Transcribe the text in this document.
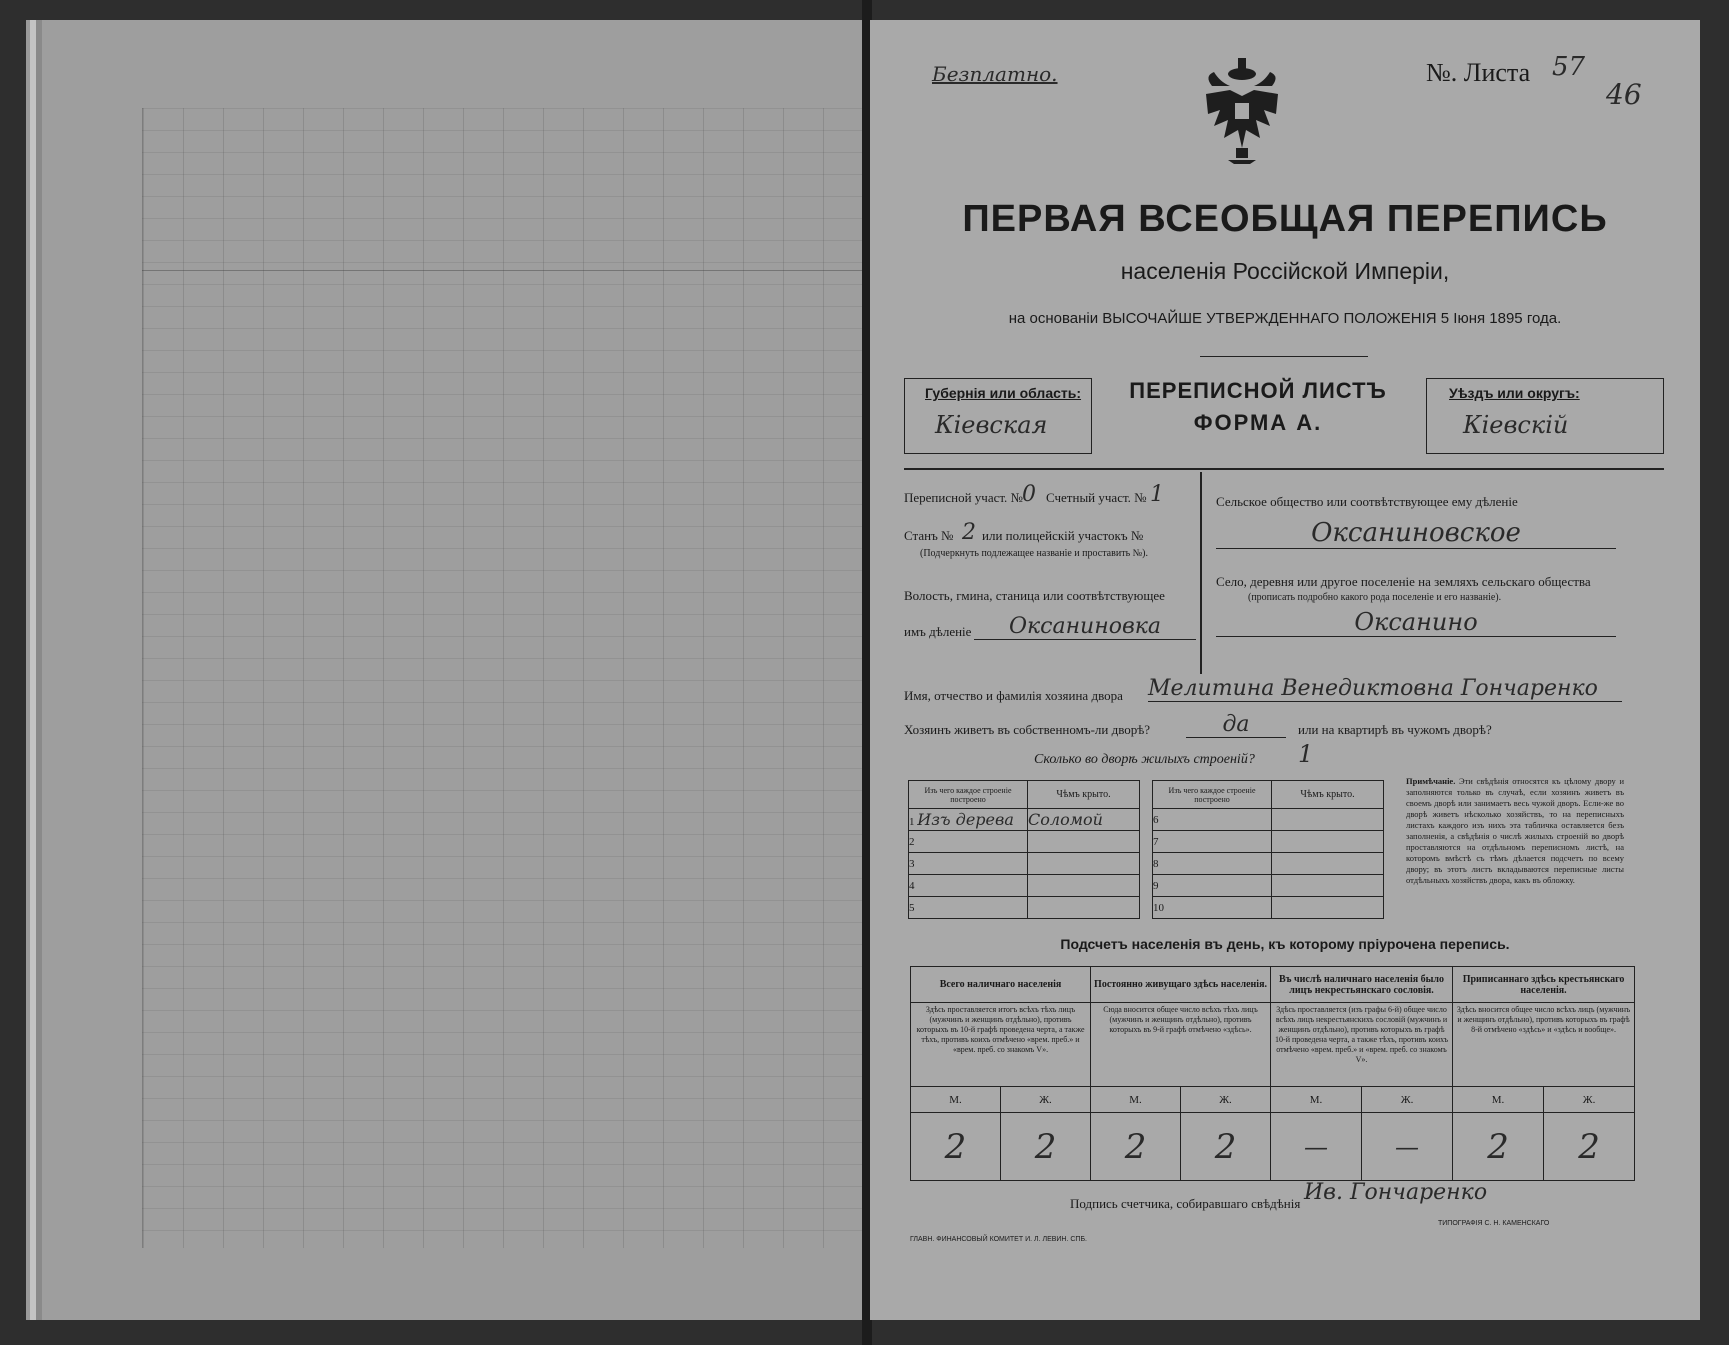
Безплатно.	№. Листа 57
46
ПЕРВАЯ ВСЕОБЩАЯ ПЕРЕПИСЬ
населенія Россійской Имперіи,
на основаніи ВЫСОЧАЙШЕ УТВЕРЖДЕННАГО ПОЛОЖЕНІЯ 5 Іюня 1895 года.
Губернія или область:
Кіевская
ПЕРЕПИСНОЙ ЛИСТЪ
ФОРМА А.
Уѣздъ или округъ:
Кіевскій
Переписной участ. № 0 Счетный участ. № 1
Станъ № 2 или полицейскій участокъ №
(Подчеркнуть подлежащее названіе и проставить №).
Волость, гмина, станица или соотвѣтствующее
имъ дѣленіе	Оксаниновка
Сельское общество или соотвѣтствующее ему дѣленіе
Оксаниновское
Село, деревня или другое поселеніе на земляхъ сельскаго общества
(прописать подробно какого рода поселеніе и его названіе).
Оксанино
Имя, отчество и фамилія хозяина двора Мелитина Венедиктовна Гончаренко
Хозяинъ живетъ въ собственномъ-ли дворѣ?	да	или на квартирѣ въ чужомъ дворѣ?
Сколько во дворѣ жилыхъ строеній? 1
Изъ чего каждое строеніе построено	Чѣмъ крыто.
1 Изъ дерева	Соломой
2	
3	
4	
5	
Изъ чего каждое строеніе построено	Чѣмъ крыто.
6	
7	
8	
9	
10	
Примѣчаніе. Эти свѣдѣнія относятся къ цѣлому двору и заполняются только въ случаѣ, если хозяинъ живетъ въ своемъ дворѣ или занимаетъ весь чужой дворъ. Если-же во дворѣ живетъ нѣсколько хозяйствъ, то на переписныхъ листахъ каждого изъ нихъ эта табличка оставляется безъ заполненія, а свѣдѣнія о числѣ жилыхъ строеній во дворѣ проставляются на отдѣльномъ переписномъ листѣ, на которомъ вмѣстѣ съ тѣмъ дѣлается подсчетъ по всему двору; въ этотъ листъ вкладываются переписные листы отдѣльныхъ хозяйствъ двора, какъ въ обложку.
Подсчетъ населенія въ день, къ которому пріурочена перепись.
Всего наличнаго населенія		Постоянно живущаго здѣсь населенія.		Въ числѣ наличнаго населенія было лицъ некрестьянскаго сословія.		Приписаннаго здѣсь крестьянскаго населенія.	
Здѣсь проставляется итогъ всѣхъ тѣхъ лицъ (мужчинъ и женщинъ отдѣльно), противъ которыхъ въ 10-й графѣ проведена черта, а также тѣхъ, противъ коихъ отмѣчено «врем. преб.» и «врем. преб. со знакомъ V».		Сюда вносится общее число всѣхъ тѣхъ лицъ (мужчинъ и женщинъ отдѣльно), противъ которыхъ въ 9-й графѣ отмѣчено «здѣсь».		Здѣсь проставляется (изъ графы 6-й) общее число всѣхъ лицъ некрестьянскихъ сословій (мужчинъ и женщинъ отдѣльно), противъ которыхъ въ графѣ 10-й проведена черта, а также тѣхъ, противъ коихъ отмѣчено «врем. преб.» и «врем. преб. со знакомъ V».		Здѣсь вносится общее число всѣхъ лицъ (мужчинъ и женщинъ отдѣльно), противъ которыхъ въ графѣ 8-й отмѣчено «здѣсь» и «здѣсь и вообще».	
М.	Ж.	М.	Ж.	М.	Ж.	М.	Ж.
2	2	2	2	—	—	2	2
Подпись счетчика, собиравшаго свѣдѣнія Ив. Гончаренко
ГЛАВН. ФИНАНСОВЫЙ КОМИТЕТ И. Л. ЛЕВИН. СПБ.
ТИПОГРАФІЯ С. Н. КАМЕНСКАГО
